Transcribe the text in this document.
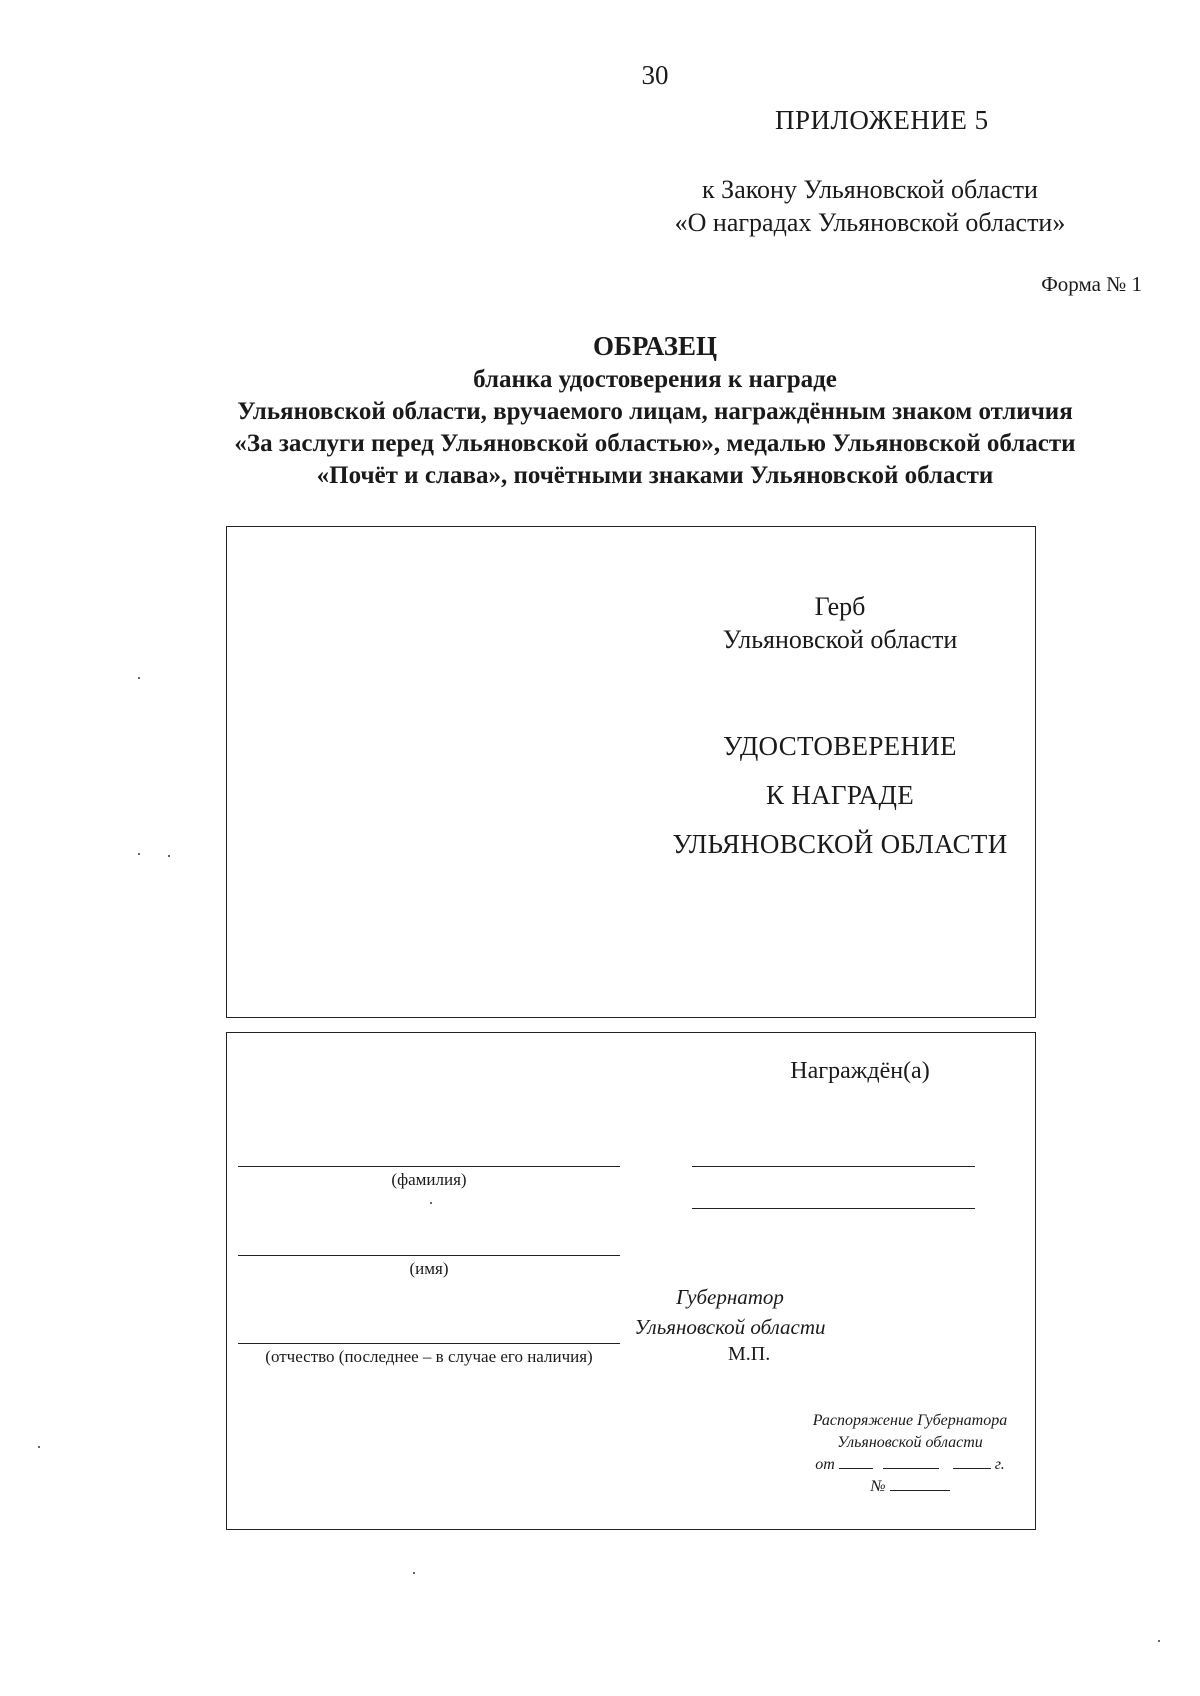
30
ПРИЛОЖЕНИЕ 5
к Закону Ульяновской области
«О наградах Ульяновской области»
Форма № 1
ОБРАЗЕЦ
бланка удостоверения к награде
Ульяновской области, вручаемого лицам, награждённым знаком отличия
«За заслуги перед Ульяновской областью», медалью Ульяновской области
«Почёт и слава», почётными знаками Ульяновской области
Герб
Ульяновской области
УДОСТОВЕРЕНИЕ
К НАГРАДЕ
УЛЬЯНОВСКОЙ ОБЛАСТИ
Награждён(а)
(фамилия)
(имя)
(отчество (последнее – в случае его наличия)
Губернатор
Ульяновской области
М.П.
Распоряжение Губернатора
Ульяновской области
от	г.
№
